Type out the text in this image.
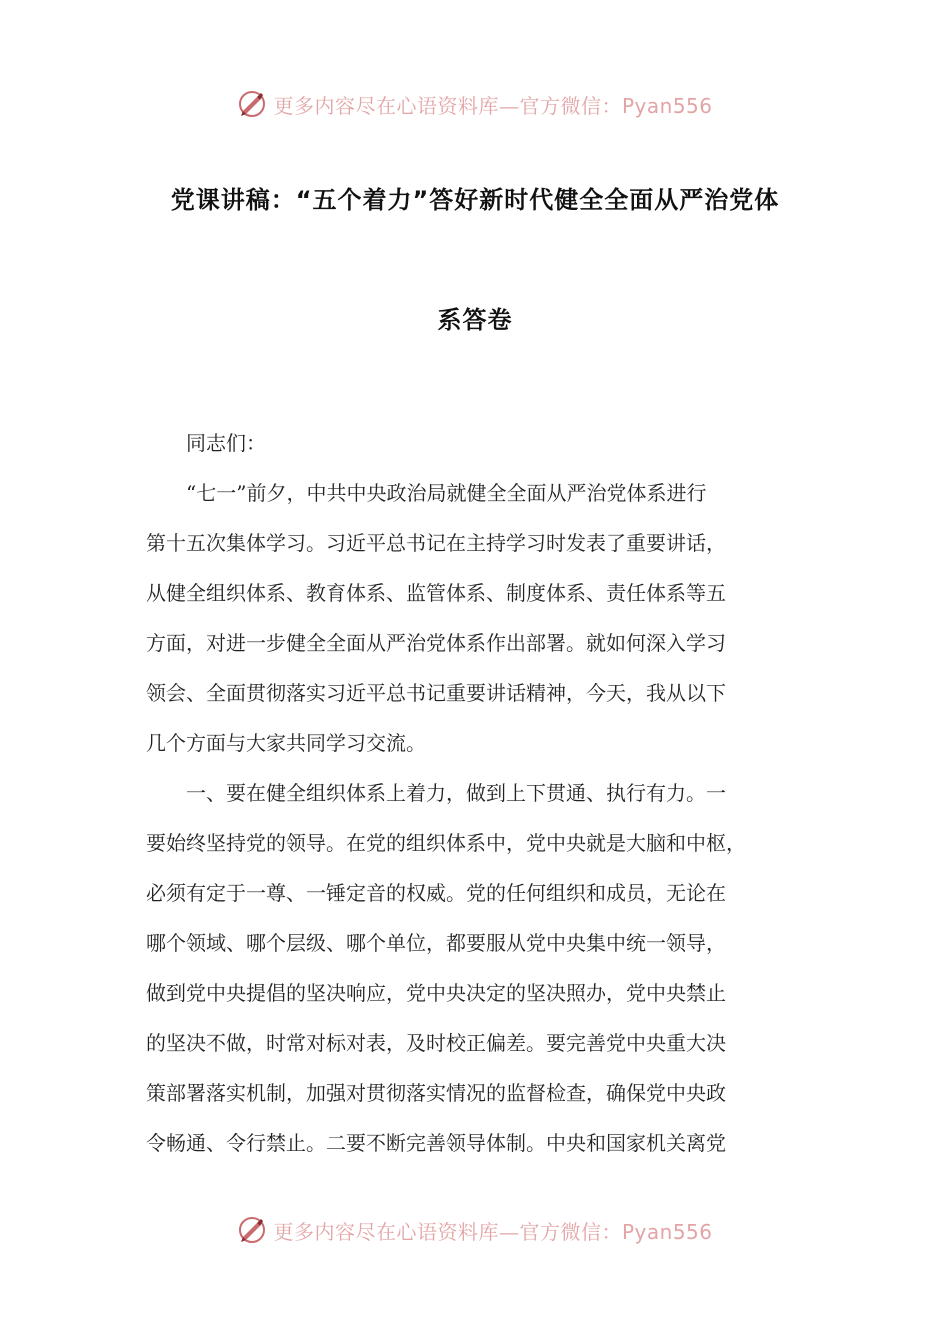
更多内容尽在心语资料库—官方微信：Pyan556
党课讲稿：“五个着力”答好新时代健全全面从严治党体
系答卷
　　同志们：
　　“七一”前夕，中共中央政治局就健全全面从严治党体系进行
第十五次集体学习。习近平总书记在主持学习时发表了重要讲话，
从健全组织体系、教育体系、监管体系、制度体系、责任体系等五
方面，对进一步健全全面从严治党体系作出部署。就如何深入学习
领会、全面贯彻落实习近平总书记重要讲话精神，今天，我从以下
几个方面与大家共同学习交流。
　　一、要在健全组织体系上着力，做到上下贯通、执行有力。一
要始终坚持党的领导。在党的组织体系中，党中央就是大脑和中枢，
必须有定于一尊、一锤定音的权威。党的任何组织和成员，无论在
哪个领域、哪个层级、哪个单位，都要服从党中央集中统一领导，
做到党中央提倡的坚决响应，党中央决定的坚决照办，党中央禁止
的坚决不做，时常对标对表，及时校正偏差。要完善党中央重大决
策部署落实机制，加强对贯彻落实情况的监督检查，确保党中央政
令畅通、令行禁止。二要不断完善领导体制。中央和国家机关离党
更多内容尽在心语资料库—官方微信：Pyan556
